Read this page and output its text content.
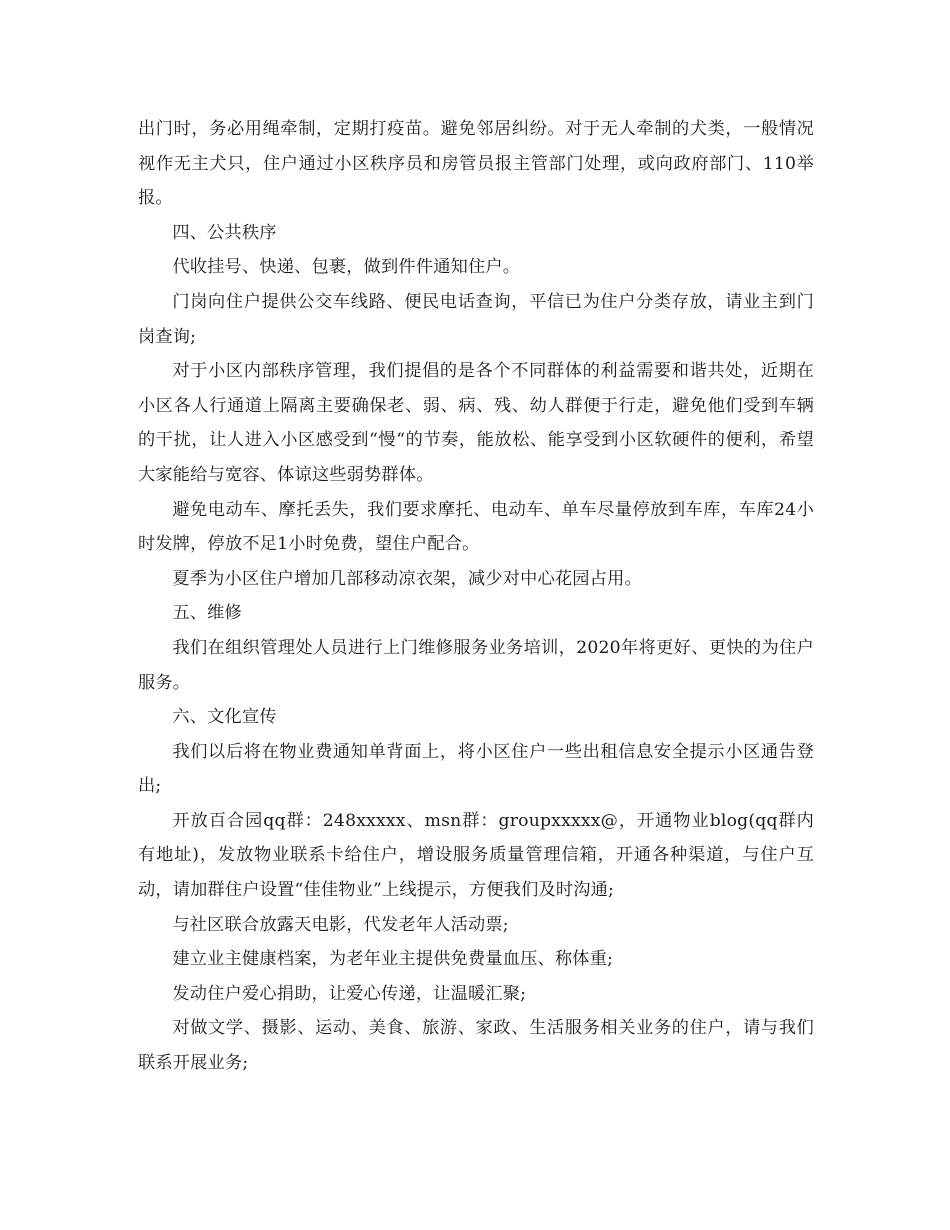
出门时，务必用绳牵制，定期打疫苗。避免邻居纠纷。对于无人牵制的犬类，一般情况视作无主犬只，住户通过小区秩序员和房管员报主管部门处理，或向政府部门、110举报。

四、公共秩序

代收挂号、快递、包裹，做到件件通知住户。

门岗向住户提供公交车线路、便民电话查询，平信已为住户分类存放，请业主到门岗查询;

对于小区内部秩序管理，我们提倡的是各个不同群体的利益需要和谐共处，近期在小区各人行通道上隔离主要确保老、弱、病、残、幼人群便于行走，避免他们受到车辆的干扰，让人进入小区感受到“慢“的节奏，能放松、能享受到小区软硬件的便利，希望大家能给与宽容、体谅这些弱势群体。

避免电动车、摩托丢失，我们要求摩托、电动车、单车尽量停放到车库，车库24小时发牌，停放不足1小时免费，望住户配合。

夏季为小区住户增加几部移动凉衣架，减少对中心花园占用。

五、维修

我们在组织管理处人员进行上门维修服务业务培训，2020年将更好、更快的为住户服务。

六、文化宣传

我们以后将在物业费通知单背面上，将小区住户一些出租信息安全提示小区通告登出;

开放百合园qq群：248xxxxx、msn群：groupxxxxx@，开通物业blog(qq群内有地址)，发放物业联系卡给住户，增设服务质量管理信箱，开通各种渠道，与住户互动，请加群住户设置“佳佳物业”上线提示，方便我们及时沟通;

与社区联合放露天电影，代发老年人活动票;

建立业主健康档案，为老年业主提供免费量血压、称体重;

发动住户爱心捐助，让爱心传递，让温暖汇聚;

对做文学、摄影、运动、美食、旅游、家政、生活服务相关业务的住户，请与我们联系开展业务;
